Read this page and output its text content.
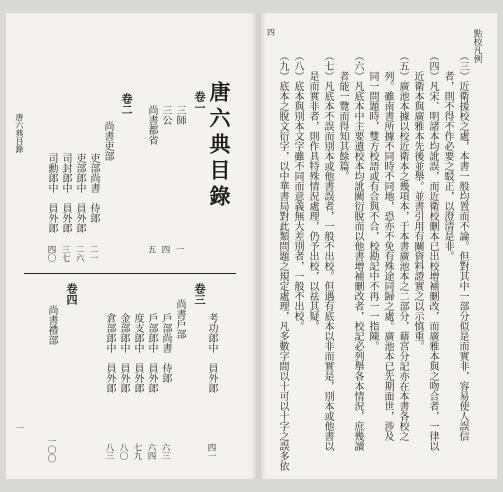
唐六典目錄
卷一
三師
一
三公
四
尚書都省
五
卷二
尚書吏部
吏部尚書　侍郎
二一
吏部郎中　員外郎
二六
司封郎中　員外郎
三七
司勳郎中　員外郎
四〇
卷三
考功郎中　員外郎
四一
尚書戶部
戶部尚書　侍郎
六三
戶部郎中　員外郎
六四
度支郎中　員外郎
七九
金部郎中　員外郎
八〇
倉部郎中　員外郎
八三
卷四
尚書禮部
一〇〇
唐六典目錄
一
點校凡例
四
（三）近衛援校之處，本書一般均置而不論。但對其中一部分似是而實非，容易使人誤信
　　者，則不得不作必要之駁正，以澄清是非。
（四）凡宋、明諸本均訛誤，而近衛校刪本已出校增補刪改，而廣雅本與之吻合者，一律以
　　近衛本與廣雅本先後並舉。並書引用有關資料證實之以示慎重。
（五）廣池本據以校近衛本之幾項本，于本書廣池本之二部分，藉宮分記亦在本書各校之
　　列。雖南書所據不同時不同地，恐亦不免有殊途同歸之處。廣池本已先期面世，涉及
　　同一問題時，雙方校語或有合與不合，校勘記中不再一一指陳。
（六）凡底本中主要遺校本均訛闕衍脫而以他書增補刪改者，校記必列舉各本情況，庶幾讀
　　者能一覽而得知其餘篇。
（七）凡底本不誤而別本或他書誤者，一般不出校。但遇有底本以非而實是，別本或他書以
　　是而實非者，則作具特殊情況處理，仍予出校，以祛其疑。
（八）底本與別本文字雖不同而意義無大差別者，一般不出校。
（九）底本之脫文衍字，以中華書局對此類問題之規定處理，凡多數字間以十可以十字之誤多依
